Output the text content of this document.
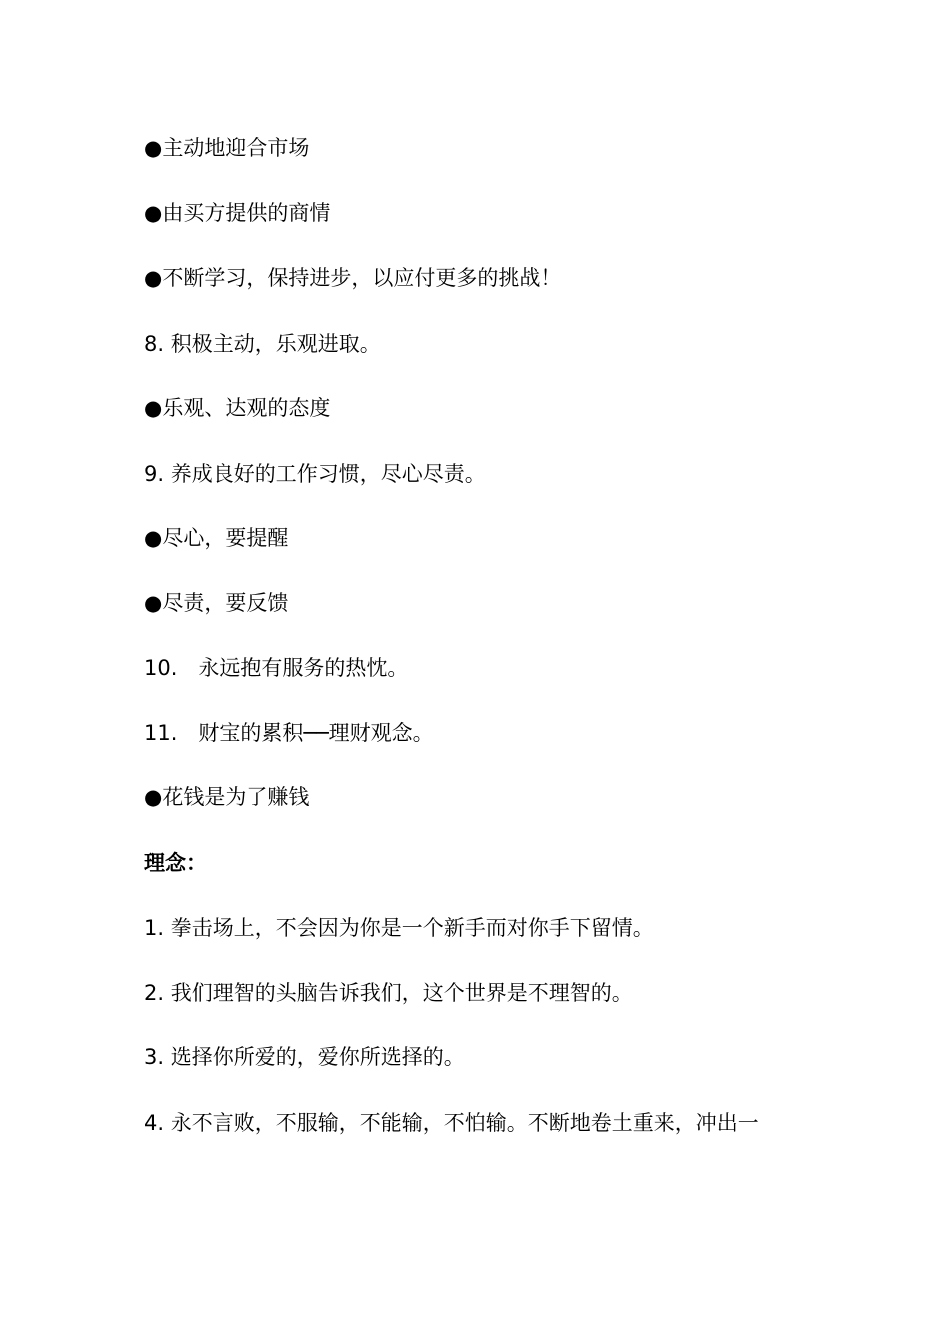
●主动地迎合市场
●由买方提供的商情
●不断学习，保持进步，以应付更多的挑战！
8. 积极主动，乐观进取。
●乐观、达观的态度
9. 养成良好的工作习惯，尽心尽责。
●尽心，要提醒
●尽责，要反馈
10.　永远抱有服务的热忱。
11.　财宝的累积──理财观念。
●花钱是为了赚钱
理念：
1. 拳击场上，不会因为你是一个新手而对你手下留情。
2. 我们理智的头脑告诉我们，这个世界是不理智的。
3. 选择你所爱的，爱你所选择的。
4. 永不言败，不服输，不能输，不怕输。不断地卷土重来，冲出一
